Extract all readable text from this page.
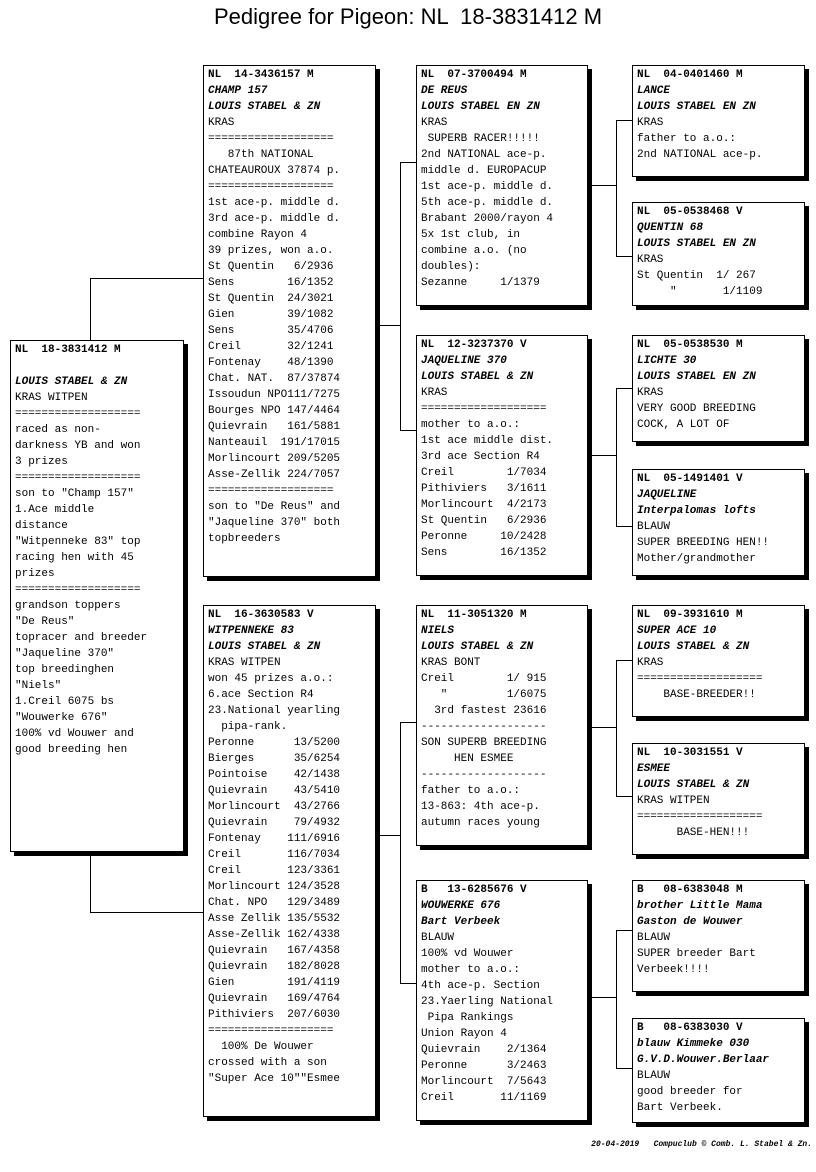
Pedigree for Pigeon: NL  18-3831412 M
NL  18-3831412 M

LOUIS STABEL & ZN
KRAS WITPEN
===================
raced as non-
darkness YB and won
3 prizes
===================
son to "Champ 157"
1.Ace middle
distance
"Witpenneke 83" top
racing hen with 45
prizes
===================
grandson toppers
"De Reus"
topracer and breeder
"Jaqueline 370"
top breedinghen
"Niels"
1.Creil 6075 bs
"Wouwerke 676"
100% vd Wouwer and
good breeding hen
NL  14-3436157 M
CHAMP 157
LOUIS STABEL & ZN
KRAS
===================
87th NATIONAL
CHATEAUROUX 37874 p.
===================
1st ace-p. middle d.
3rd ace-p. middle d.
combine Rayon 4
39 prizes, won a.o.
St Quentin   6/2936
Sens        16/1352
St Quentin  24/3021
Gien        39/1082
Sens        35/4706
Creil       32/1241
Fontenay    48/1390
Chat. NAT.  87/37874
Issoudun NPO111/7275
Bourges NPO 147/4464
Quievrain   161/5881
Nanteauil  191/17015
Morlincourt 209/5205
Asse-Zellik 224/7057
===================
son to "De Reus" and
"Jaqueline 370" both
topbreeders
NL  16-3630583 V
WITPENNEKE 83
LOUIS STABEL & ZN
KRAS WITPEN
won 45 prizes a.o.:
6.ace Section R4
23.National yearling
pipa-rank.
Peronne      13/5200
Bierges      35/6254
Pointoise    42/1438
Quievrain    43/5410
Morlincourt  43/2766
Quievrain    79/4932
Fontenay    111/6916
Creil       116/7034
Creil       123/3361
Morlincourt 124/3528
Chat. NPO   129/3489
Asse Zellik 135/5532
Asse-Zellik 162/4338
Quievrain   167/4358
Quievrain   182/8028
Gien        191/4119
Quievrain   169/4764
Pithiviers  207/6030
===================
100% De Wouwer
crossed with a son
"Super Ace 10""Esmee
NL  07-3700494 M
DE REUS
LOUIS STABEL EN ZN
KRAS
SUPERB RACER!!!!!
2nd NATIONAL ace-p.
middle d. EUROPACUP
1st ace-p. middle d.
5th ace-p. middle d.
Brabant 2000/rayon 4
5x 1st club, in
combine a.o. (no
doubles):
Sezanne     1/1379
NL  12-3237370 V
JAQUELINE 370
LOUIS STABEL & ZN
KRAS
===================
mother to a.o.:
1st ace middle dist.
3rd ace Section R4
Creil        1/7034
Pithiviers   3/1611
Morlincourt  4/2173
St Quentin   6/2936
Peronne     10/2428
Sens        16/1352
NL  11-3051320 M
NIELS
LOUIS STABEL & ZN
KRAS BONT
Creil        1/ 915
"         1/6075
3rd fastest 23616
-------------------
SON SUPERB BREEDING
HEN ESMEE
-------------------
father to a.o.:
13-863: 4th ace-p.
autumn races young
B   13-6285676 V
WOUWERKE 676
Bart Verbeek
BLAUW
100% vd Wouwer
mother to a.o.:
4th ace-p. Section
23.Yaerling National
Pipa Rankings
Union Rayon 4
Quievrain    2/1364
Peronne      3/2463
Morlincourt  7/5643
Creil       11/1169
NL  04-0401460 M
LANCE
LOUIS STABEL EN ZN
KRAS
father to a.o.:
2nd NATIONAL ace-p.
NL  05-0538468 V
QUENTIN 68
LOUIS STABEL EN ZN
KRAS
St Quentin  1/ 267
"       1/1109
NL  05-0538530 M
LICHTE 30
LOUIS STABEL EN ZN
KRAS
VERY GOOD BREEDING
COCK, A LOT OF
NL  05-1491401 V
JAQUELINE
Interpalomas lofts
BLAUW
SUPER BREEDING HEN!!
Mother/grandmother
NL  09-3931610 M
SUPER ACE 10
LOUIS STABEL & ZN
KRAS
===================
BASE-BREEDER!!
NL  10-3031551 V
ESMEE
LOUIS STABEL & ZN
KRAS WITPEN
===================
BASE-HEN!!!
B   08-6383048 M
brother Little Mama
Gaston de Wouwer
BLAUW
SUPER breeder Bart
Verbeek!!!!
B   08-6383030 V
blauw Kimmeke 030
G.V.D.Wouwer.Berlaar
BLAUW
good breeder for
Bart Verbeek.
20-04-2019   Compuclub © Comb. L. Stabel & Zn.
